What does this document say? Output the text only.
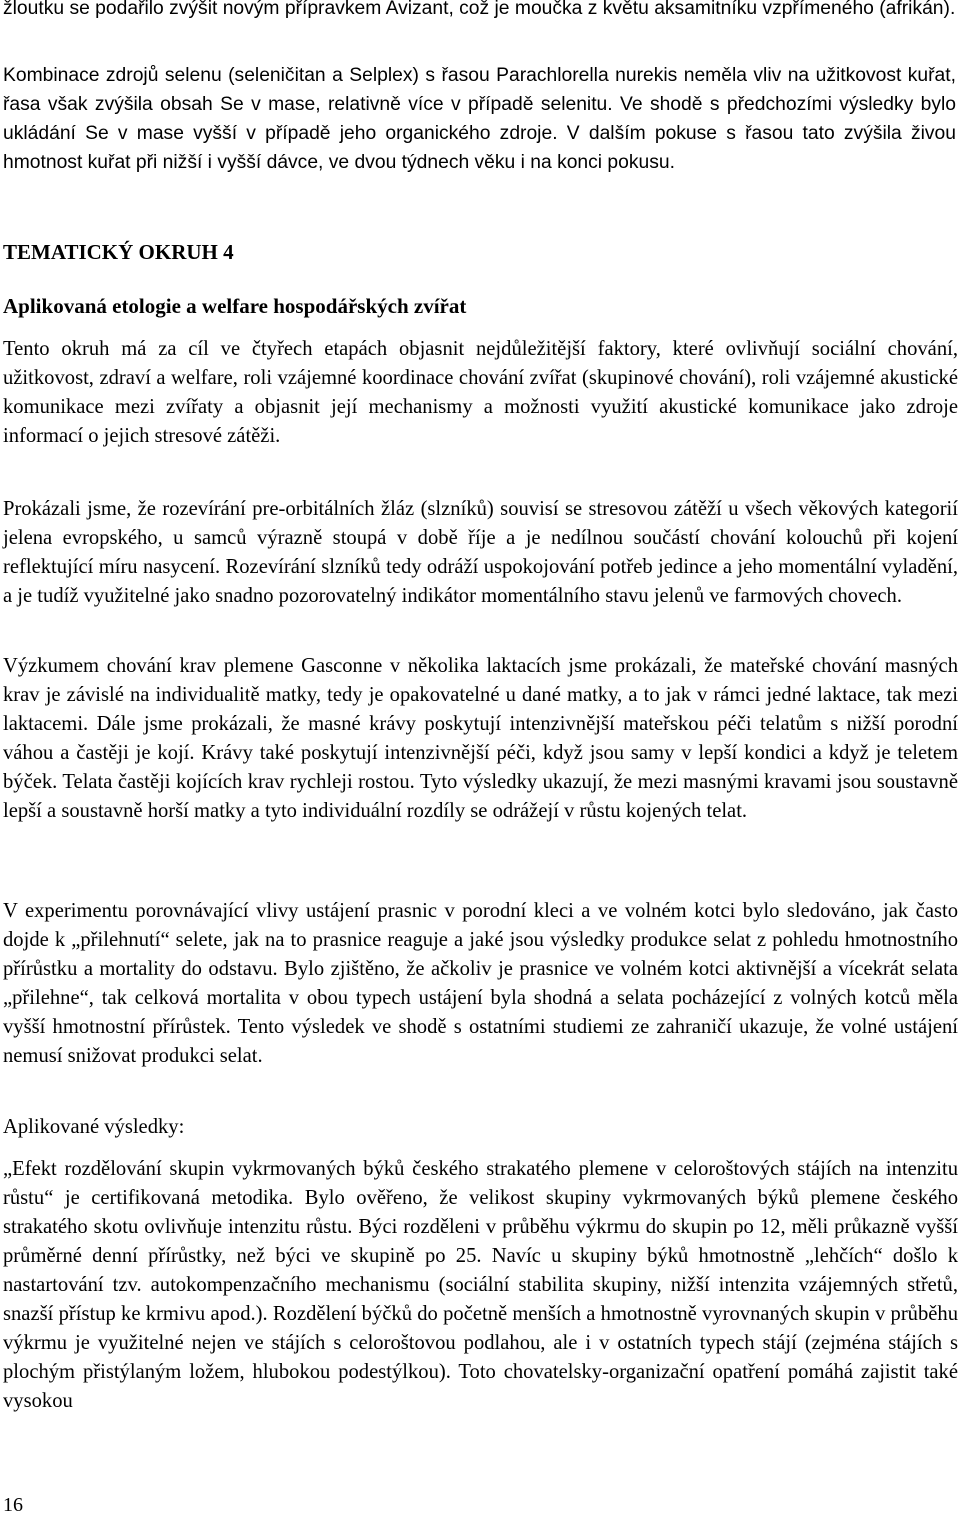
žloutku se podařilo zvýšit novým přípravkem Avizant, což je moučka z květu aksamitníku vzpřímeného (afrikán).

Kombinace zdrojů selenu (seleničitan a Selplex) s řasou Parachlorella nurekis neměla vliv na užitkovost kuřat, řasa však zvýšila obsah Se v mase, relativně více v případě selenitu. Ve shodě s předchozími výsledky bylo ukládání Se v mase vyšší v případě jeho organického zdroje. V dalším pokuse s řasou tato zvýšila živou hmotnost kuřat při nižší i vyšší dávce, ve dvou týdnech věku i na konci pokusu.

TEMATICKÝ OKRUH 4
Aplikovaná etologie a welfare hospodářských zvířat

Tento okruh má za cíl ve čtyřech etapách objasnit nejdůležitější faktory, které ovlivňují sociální chování, užitkovost, zdraví a welfare, roli vzájemné koordinace chování zvířat (skupinové chování), roli vzájemné akustické komunikace mezi zvířaty a objasnit její mechanismy a možnosti využití akustické komunikace jako zdroje informací o jejich stresové zátěži.

Prokázali jsme, že rozevírání pre-orbitálních žláz (slzníků) souvisí se stresovou zátěží u všech věkových kategorií jelena evropského, u samců výrazně stoupá v době říje a je nedílnou součástí chování kolouchů při kojení reflektující míru nasycení. Rozevírání slzníků tedy odráží uspokojování potřeb jedince a jeho momentální vyladění, a je tudíž využitelné jako snadno pozorovatelný indikátor momentálního stavu jelenů ve farmových chovech.

Výzkumem chování krav plemene Gasconne v několika laktacích jsme prokázali, že mateřské chování masných krav je závislé na individualitě matky, tedy je opakovatelné u dané matky, a to jak v rámci jedné laktace, tak mezi laktacemi. Dále jsme prokázali, že masné krávy poskytují intenzivnější mateřskou péči telatům s nižší porodní váhou a častěji je kojí. Krávy také poskytují intenzivnější péči, když jsou samy v lepší kondici a když je teletem býček. Telata častěji kojících krav rychleji rostou. Tyto výsledky ukazují, že mezi masnými kravami jsou soustavně lepší a soustavně horší matky a tyto individuální rozdíly se odrážejí v růstu kojených telat.

V experimentu porovnávající vlivy ustájení prasnic v porodní kleci a ve volném kotci bylo sledováno, jak často dojde k „přilehnutí“ selete, jak na to prasnice reaguje a jaké jsou výsledky produkce selat z pohledu hmotnostního přírůstku a mortality do odstavu. Bylo zjištěno, že ačkoliv je prasnice ve volném kotci aktivnější a vícekrát selata „přilehne“, tak celková mortalita v obou typech ustájení byla shodná a selata pocházející z volných kotců měla vyšší hmotnostní přírůstek. Tento výsledek ve shodě s ostatními studiemi ze zahraničí ukazuje, že volné ustájení nemusí snižovat produkci selat.

Aplikované výsledky:

„Efekt rozdělování skupin vykrmovaných býků českého strakatého plemene v celoroštových stájích na intenzitu růstu“ je certifikovaná metodika. Bylo ověřeno, že velikost skupiny vykrmovaných býků plemene českého strakatého skotu ovlivňuje intenzitu růstu. Býci rozděleni v průběhu výkrmu do skupin po 12, měli průkazně vyšší průměrné denní přírůstky, než býci ve skupině po 25. Navíc u skupiny býků hmotnostně „lehčích“ došlo k nastartování tzv. autokompenzačního mechanismu (sociální stabilita skupiny, nižší intenzita vzájemných střetů, snazší přístup ke krmivu apod.). Rozdělení býčků do početně menších a hmotnostně vyrovnaných skupin v průběhu výkrmu je využitelné nejen ve stájích s celoroštovou podlahou, ale i v ostatních typech stájí (zejména stájích s plochým přistýlaným ložem, hlubokou podestýlkou). Toto chovatelsky-organizační opatření pomáhá zajistit také vysokou

16
